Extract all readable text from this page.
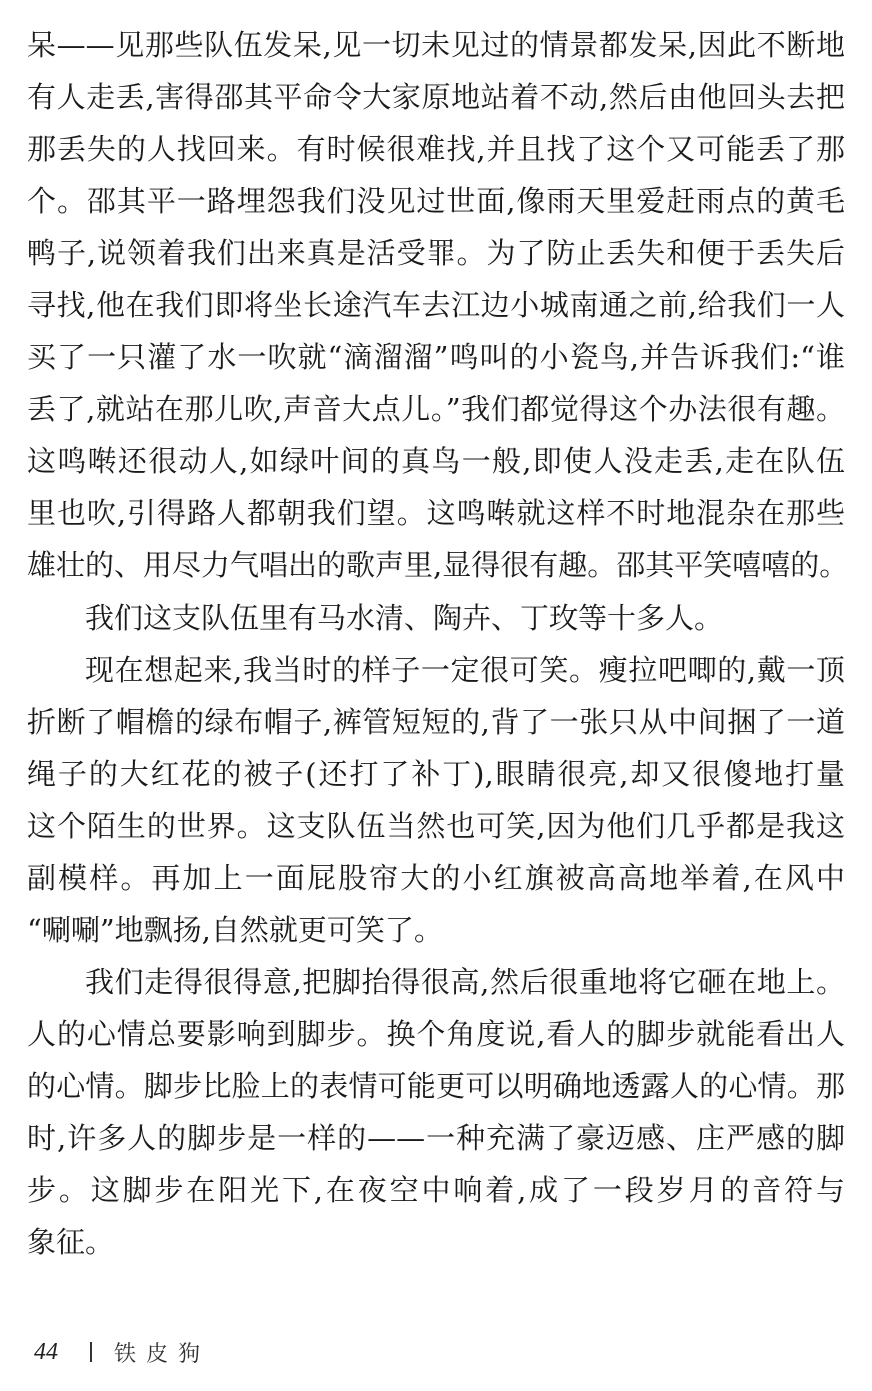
呆——见那些队伍发呆,见一切未见过的情景都发呆,因此不断地
有人走丢,害得邵其平命令大家原地站着不动,然后由他回头去把
那丢失的人找回来。有时候很难找,并且找了这个又可能丢了那
个。邵其平一路埋怨我们没见过世面,像雨天里爱赶雨点的黄毛
鸭子,说领着我们出来真是活受罪。为了防止丢失和便于丢失后
寻找,他在我们即将坐长途汽车去江边小城南通之前,给我们一人
买了一只灌了水一吹就“滴溜溜”鸣叫的小瓷鸟,并告诉我们:“谁
丢了,就站在那儿吹,声音大点儿。”我们都觉得这个办法很有趣。
这鸣啭还很动人,如绿叶间的真鸟一般,即使人没走丢,走在队伍
里也吹,引得路人都朝我们望。这鸣啭就这样不时地混杂在那些
雄壮的、用尽力气唱出的歌声里,显得很有趣。邵其平笑嘻嘻的。
我们这支队伍里有马水清、陶卉、丁玫等十多人。
现在想起来,我当时的样子一定很可笑。瘦拉吧唧的,戴一顶
折断了帽檐的绿布帽子,裤管短短的,背了一张只从中间捆了一道
绳子的大红花的被子(还打了补丁),眼睛很亮,却又很傻地打量
这个陌生的世界。这支队伍当然也可笑,因为他们几乎都是我这
副模样。再加上一面屁股帘大的小红旗被高高地举着,在风中
“唰唰”地飘扬,自然就更可笑了。
我们走得很得意,把脚抬得很高,然后很重地将它砸在地上。
人的心情总要影响到脚步。换个角度说,看人的脚步就能看出人
的心情。脚步比脸上的表情可能更可以明确地透露人的心情。那
时,许多人的脚步是一样的——一种充满了豪迈感、庄严感的脚
步。这脚步在阳光下,在夜空中响着,成了一段岁月的音符与
象征。
44	铁皮狗
